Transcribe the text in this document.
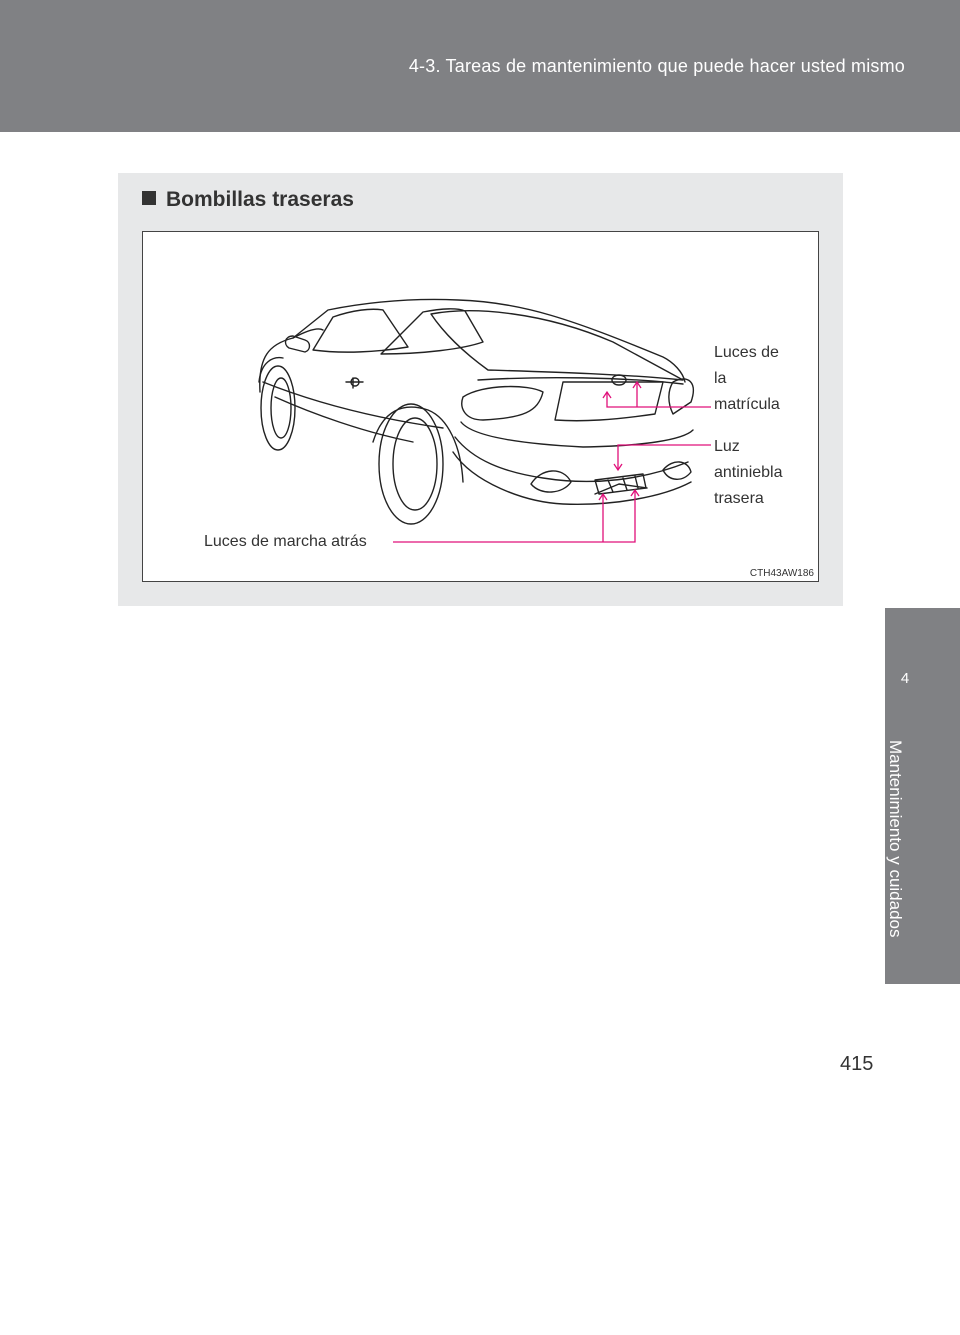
4-3. Tareas de mantenimiento que puede hacer usted mismo
4
Mantenimiento y cuidados
Bombillas traseras
Luces de
la
matrícula
Luz
antiniebla
trasera
Luces de marcha atrás
CTH43AW186
415
